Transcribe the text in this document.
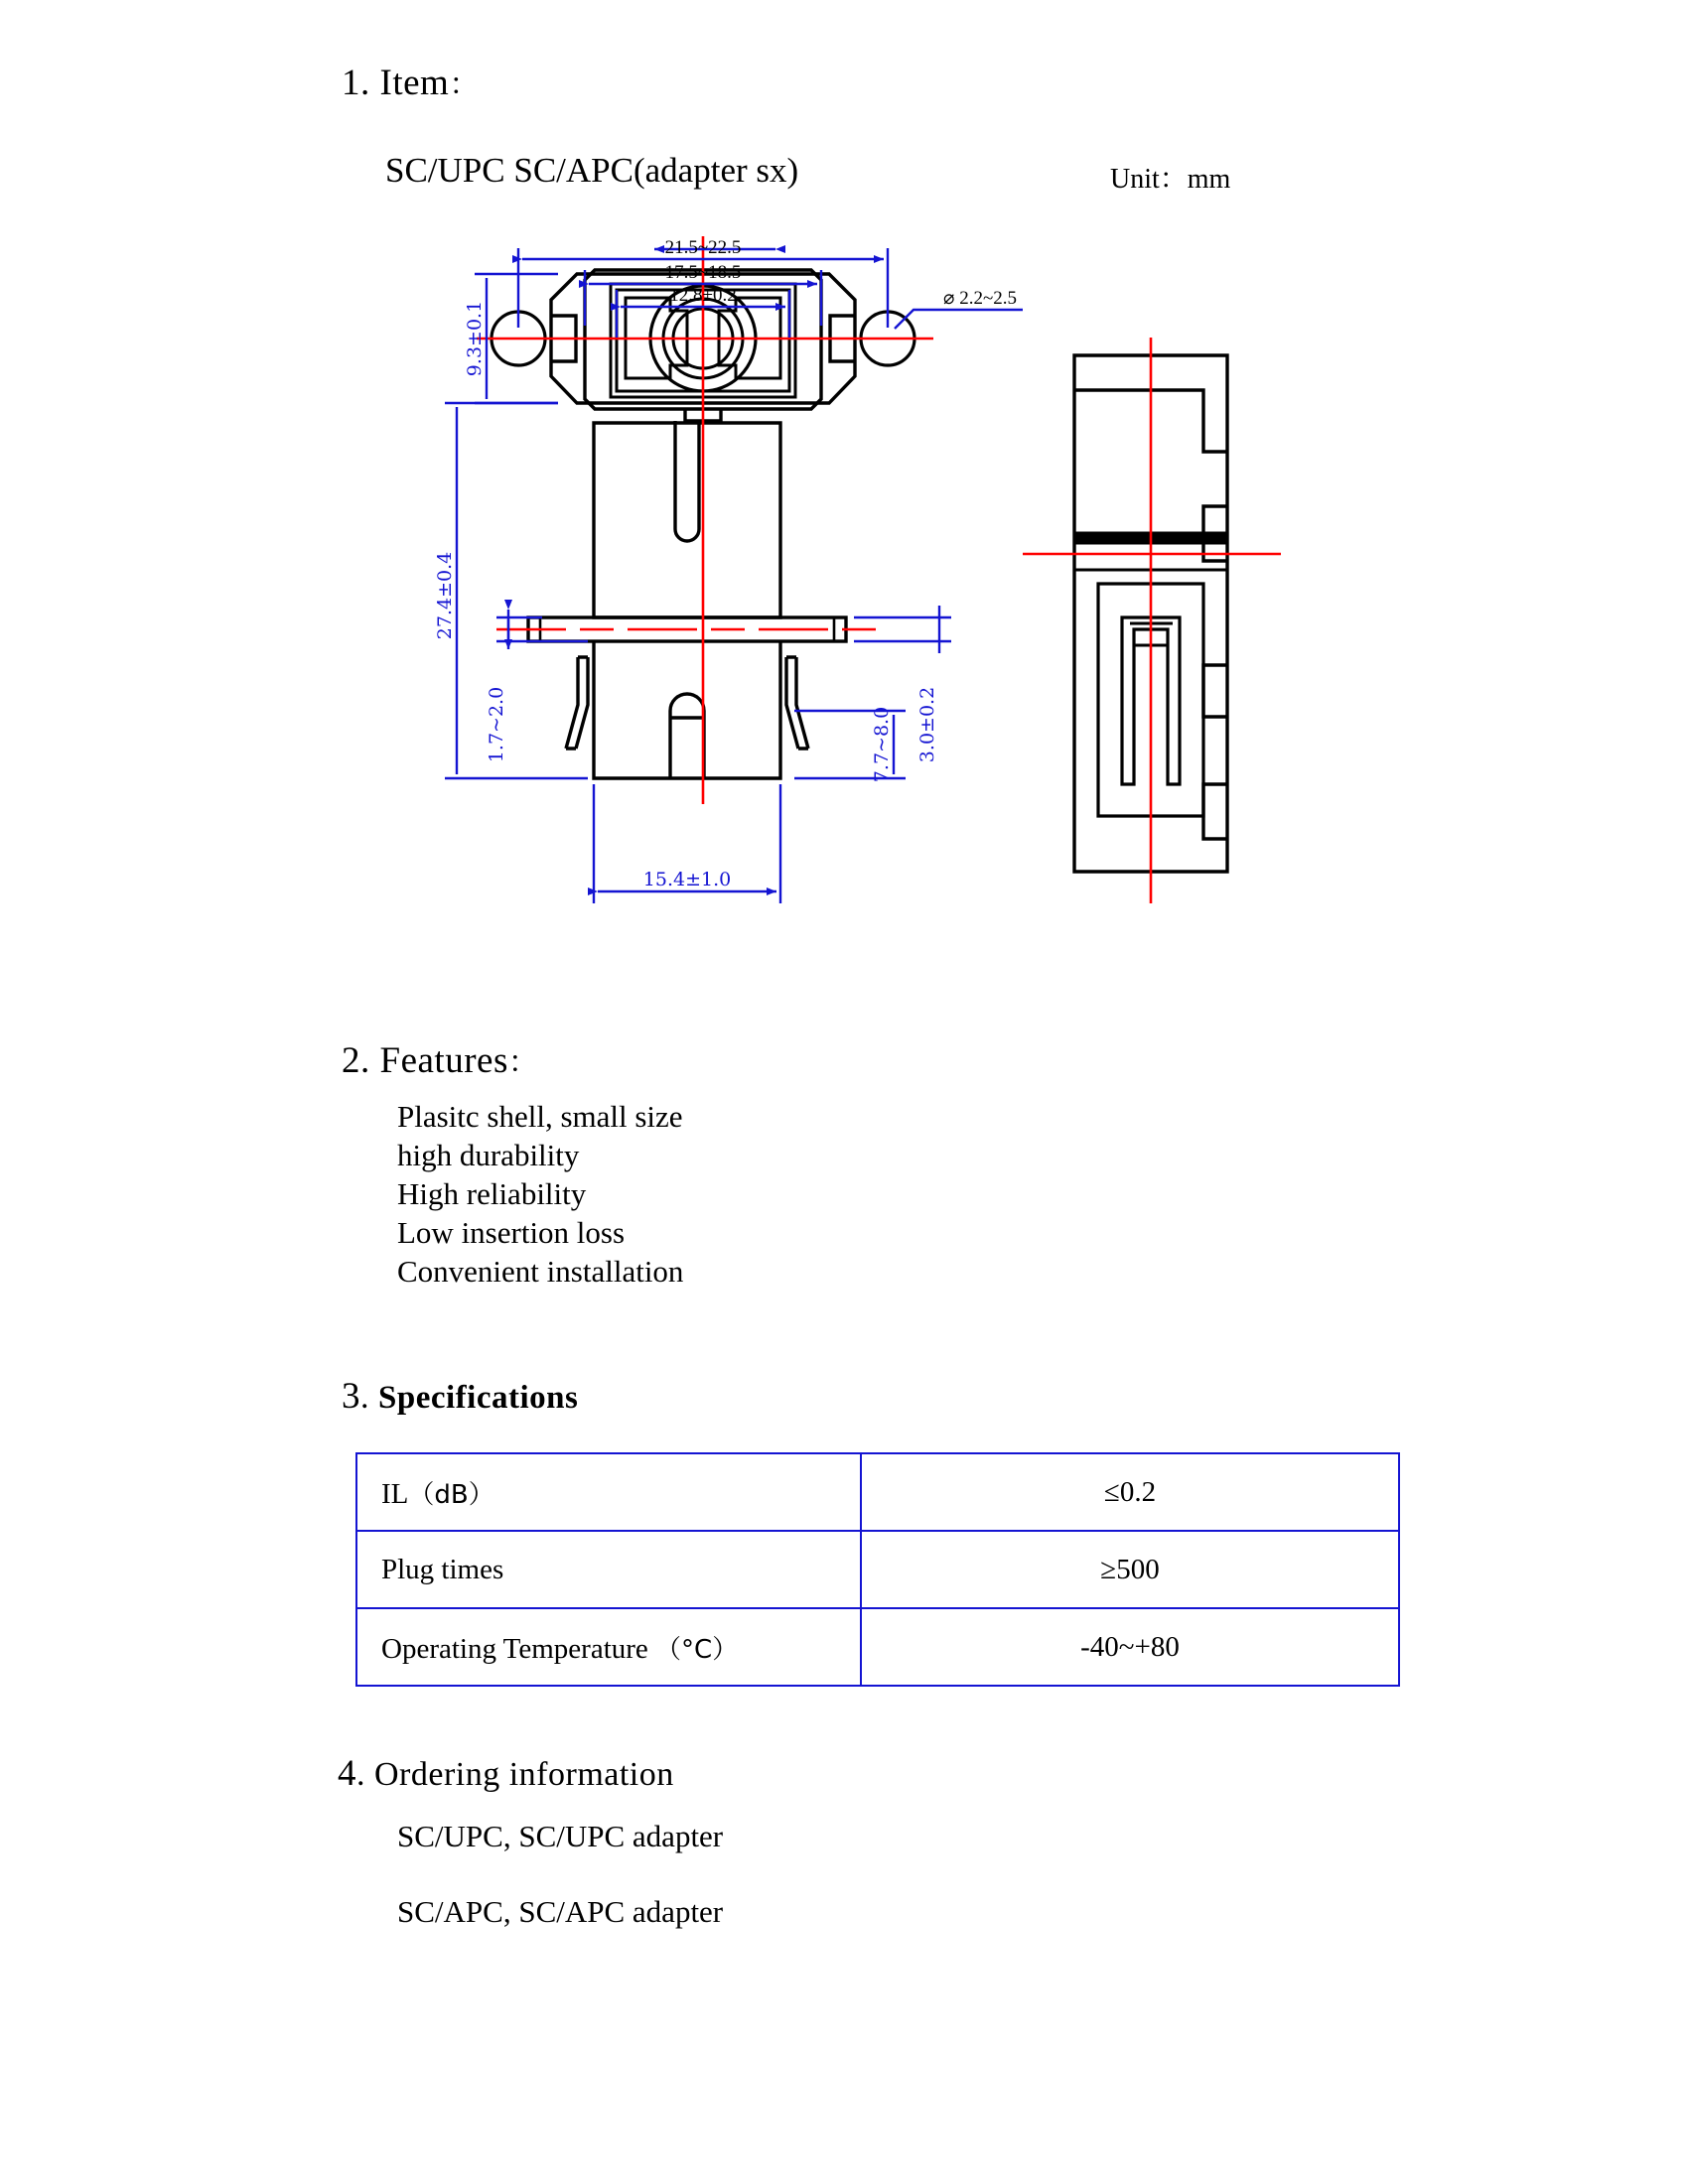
1. Item：
SC/UPC SC/APC(adapter sx)	Unit：mm
21.5~22.5
17.5~18.5
12.8±0.2	⌀ 2.2~2.5
9.3±0.1
27.4±0.4
1.7~2.0	7.7~8.0 3.0±0.2
15.4±1.0
2. Features：
Plasitc shell, small size
high durability
High reliability
Low insertion loss
Convenient installation
3. Specifications
IL（dB）	≤0.2
Plug times	≥500
Operating Temperature （°C）	-40~+80
4. Ordering information
SC/UPC, SC/UPC adapter
SC/APC, SC/APC adapter
